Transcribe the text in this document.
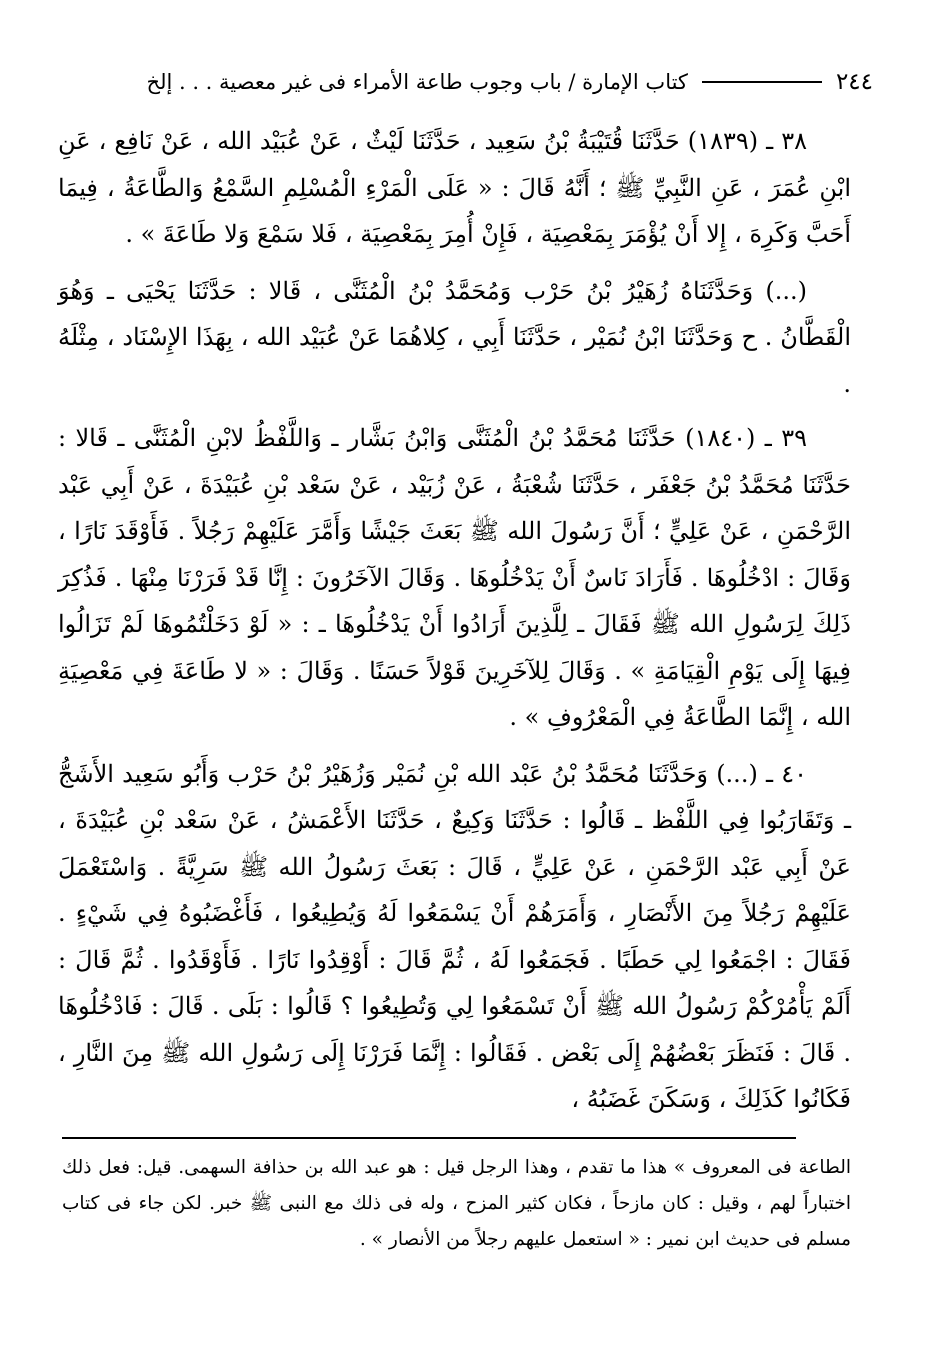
٢٤٤
كتاب الإمارة / باب وجوب طاعة الأمراء فى غير معصية . . . إلخ

٣٨ ـ (١٨٣٩) حَدَّثَنَا قُتَيْبَةُ بْنُ سَعِيد ، حَدَّثَنَا لَيْثٌ ، عَنْ عُبَيْد الله ، عَنْ نَافِع ، عَنِ ابْنِ عُمَرَ ، عَنِ النَّبِيِّ ﷺ ؛ أَنَّهُ قَالَ : « عَلَى الْمَرْءِ الْمُسْلِمِ السَّمْعُ وَالطَّاعَةُ ، فِيمَا أَحَبَّ وَكَرِهَ ، إِلا أَنْ يُؤْمَرَ بِمَعْصِيَة ، فَإِنْ أُمِرَ بِمَعْصِيَة ، فَلا سَمْعَ وَلا طَاعَةَ » .

(...) وَحَدَّثَنَاهُ زُهَيْرُ بْنُ حَرْب وَمُحَمَّدُ بْنُ الْمُثَنَّى ، قَالا : حَدَّثَنَا يَحْيَى ـ وَهُوَ الْقَطَّانُ . ح وَحَدَّثَنَا ابْنُ نُمَيْر ، حَدَّثَنَا أَبِي ، كِلاهُمَا عَنْ عُبَيْد الله ، بِهَذَا الإِسْنَاد ، مِثْلَهُ .

٣٩ ـ (١٨٤٠) حَدَّثَنَا مُحَمَّدُ بْنُ الْمُثَنَّى وَابْنُ بَشَّار ـ وَاللَّفْظُ لابْنِ الْمُثَنَّى ـ قَالا : حَدَّثَنَا مُحَمَّدُ بْنُ جَعْفَر ، حَدَّثَنَا شُعْبَةُ ، عَنْ زُبَيْد ، عَنْ سَعْد بْنِ عُبَيْدَةَ ، عَنْ أَبِي عَبْد الرَّحْمَنِ ، عَنْ عَلِيٍّ ؛ أَنَّ رَسُولَ الله ﷺ بَعَثَ جَيْشًا وَأَمَّرَ عَلَيْهِمْ رَجُلاً . فَأَوْقَدَ نَارًا ، وَقَالَ : ادْخُلُوهَا . فَأَرَادَ نَاسٌ أَنْ يَدْخُلُوهَا . وَقَالَ الآخَرُونَ : إِنَّا قَدْ فَرَرْنَا مِنْهَا . فَذُكِرَ ذَلِكَ لِرَسُولِ الله ﷺ فَقَالَ ـ لِلَّذِينَ أَرَادُوا أَنْ يَدْخُلُوهَا ـ : « لَوْ دَخَلْتُمُوهَا لَمْ تَزَالُوا فِيهَا إِلَى يَوْمِ الْقِيَامَةِ » . وَقَالَ لِلآخَرِينَ قَوْلاً حَسَنًا . وَقَالَ : « لا طَاعَةَ فِي مَعْصِيَةِ الله ، إِنَّمَا الطَّاعَةُ فِي الْمَعْرُوفِ » .

٤٠ ـ (...) وَحَدَّثَنَا مُحَمَّدُ بْنُ عَبْد الله بْنِ نُمَيْر وَزُهَيْرُ بْنُ حَرْب وَأَبُو سَعِيد الأَشَجُّ ـ وَتَقَارَبُوا فِي اللَّفْظ ـ قَالُوا : حَدَّثَنَا وَكِيعٌ ، حَدَّثَنَا الأَعْمَشُ ، عَنْ سَعْد بْنِ عُبَيْدَةَ ، عَنْ أَبِي عَبْد الرَّحْمَنِ ، عَنْ عَلِيٍّ ، قَالَ : بَعَثَ رَسُولُ الله ﷺ سَرِيَّةً . وَاسْتَعْمَلَ عَلَيْهِمْ رَجُلاً مِنَ الأَنْصَارِ ، وَأَمَرَهُمْ أَنْ يَسْمَعُوا لَهُ وَيُطِيعُوا ، فَأَغْضَبُوهُ فِي شَيْءٍ . فَقَالَ : اجْمَعُوا لِي حَطَبًا . فَجَمَعُوا لَهُ ، ثُمَّ قَالَ : أَوْقِدُوا نَارًا . فَأَوْقَدُوا . ثُمَّ قَالَ : أَلَمْ يَأْمُرْكُمْ رَسُولُ الله ﷺ أَنْ تَسْمَعُوا لِي وَتُطِيعُوا ؟ قَالُوا : بَلَى . قَالَ : فَادْخُلُوهَا . قَالَ : فَنَظَرَ بَعْضُهُمْ إِلَى بَعْض . فَقَالُوا : إِنَّمَا فَرَرْنَا إِلَى رَسُولِ الله ﷺ مِنَ النَّارِ ، فَكَانُوا كَذَلِكَ ، وَسَكَنَ غَضَبُهُ ،

الطاعة فى المعروف » هذا ما تقدم ، وهذا الرجل قيل : هو عبد الله بن حذافة السهمى. قيل: فعل ذلك اختباراً لهم ، وقيل : كان مازحاً ، فكان كثير المزح ، وله فى ذلك مع النبى ﷺ خبر. لكن جاء فى كتاب مسلم فى حديث ابن نمير : « استعمل عليهم رجلاً من الأنصار » .
